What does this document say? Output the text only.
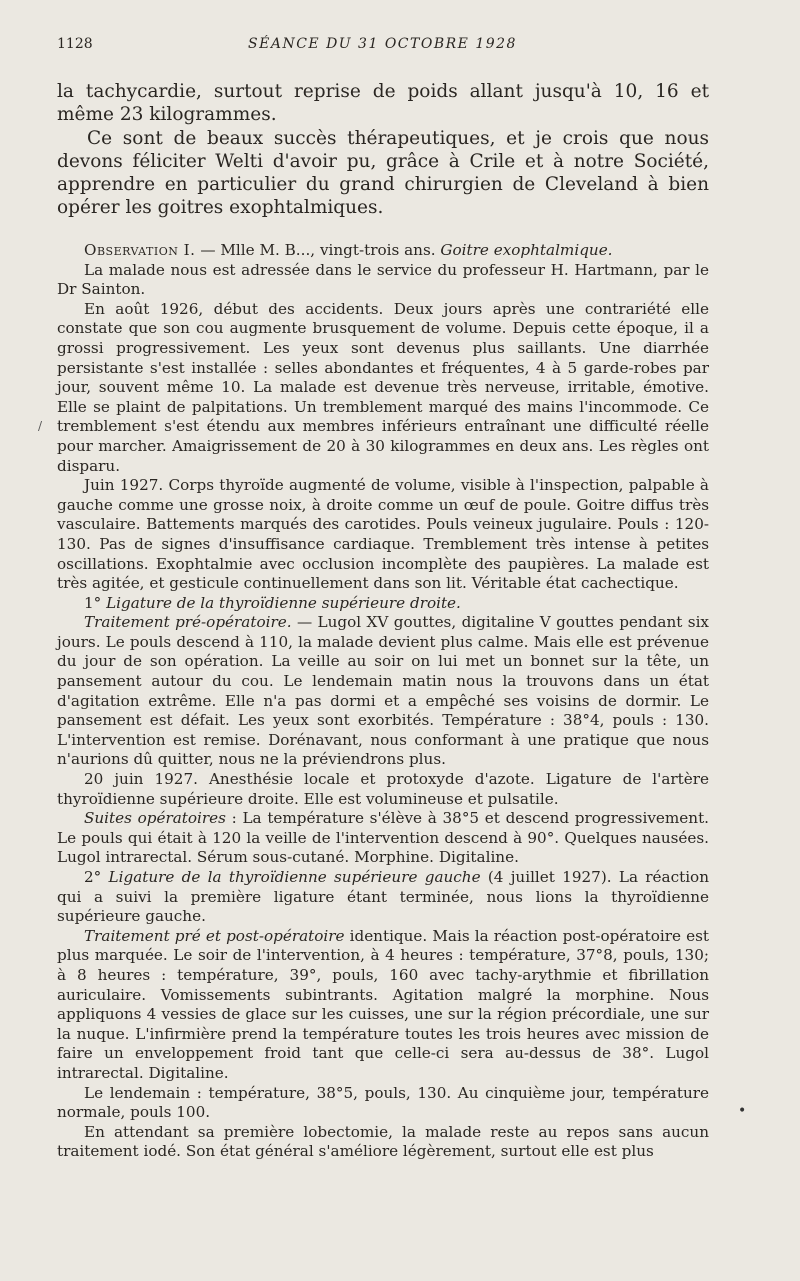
1128	SÉANCE DU 31 OCTOBRE 1928

la tachycardie, surtout reprise de poids allant jusqu'à 10, 16 et même 23 kilogrammes.

Ce sont de beaux succès thérapeutiques, et je crois que nous devons féliciter Welti d'avoir pu, grâce à Crile et à notre Société, apprendre en particulier du grand chirurgien de Cleveland à bien opérer les goitres exophtalmiques.

Observation I. — Mlle M. B..., vingt-trois ans. Goitre exophtalmique.

La malade nous est adressée dans le service du professeur H. Hartmann, par le Dr Sainton.

En août 1926, début des accidents. Deux jours après une contrariété elle constate que son cou augmente brusquement de volume. Depuis cette époque, il a grossi progressivement. Les yeux sont devenus plus saillants. Une diarrhée persistante s'est installée : selles abondantes et fréquentes, 4 à 5 garde-robes par jour, souvent même 10. La malade est devenue très nerveuse, irritable, émotive. Elle se plaint de palpitations. Un tremblement marqué des mains l'incommode. Ce tremblement s'est étendu aux membres inférieurs entraînant une difficulté réelle pour marcher. Amaigrissement de 20 à 30 kilogrammes en deux ans. Les règles ont disparu.

Juin 1927. Corps thyroïde augmenté de volume, visible à l'inspection, palpable à gauche comme une grosse noix, à droite comme un œuf de poule. Goitre diffus très vasculaire. Battements marqués des carotides. Pouls veineux jugulaire. Pouls : 120-130. Pas de signes d'insuffisance cardiaque. Tremblement très intense à petites oscillations. Exophtalmie avec occlusion incomplète des paupières. La malade est très agitée, et gesticule continuellement dans son lit. Véritable état cachectique.

1° Ligature de la thyroïdienne supérieure droite.

Traitement pré-opératoire. — Lugol XV gouttes, digitaline V gouttes pendant six jours. Le pouls descend à 110, la malade devient plus calme. Mais elle est prévenue du jour de son opération. La veille au soir on lui met un bonnet sur la tête, un pansement autour du cou. Le lendemain matin nous la trouvons dans un état d'agitation extrême. Elle n'a pas dormi et a empêché ses voisins de dormir. Le pansement est défait. Les yeux sont exorbités. Température : 38°4, pouls : 130. L'intervention est remise. Dorénavant, nous conformant à une pratique que nous n'aurions dû quitter, nous ne la préviendrons plus.

20 juin 1927. Anesthésie locale et protoxyde d'azote. Ligature de l'artère thyroïdienne supérieure droite. Elle est volumineuse et pulsatile.

Suites opératoires : La température s'élève à 38°5 et descend progressivement. Le pouls qui était à 120 la veille de l'intervention descend à 90°. Quelques nausées. Lugol intrarectal. Sérum sous-cutané. Morphine. Digitaline.

2° Ligature de la thyroïdienne supérieure gauche (4 juillet 1927). La réaction qui a suivi la première ligature étant terminée, nous lions la thyroïdienne supérieure gauche.

Traitement pré et post-opératoire identique. Mais la réaction post-opératoire est plus marquée. Le soir de l'intervention, à 4 heures : température, 37°8, pouls, 130; à 8 heures : température, 39°, pouls, 160 avec tachy-arythmie et fibrillation auriculaire. Vomissements subintrants. Agitation malgré la morphine. Nous appliquons 4 vessies de glace sur les cuisses, une sur la région précordiale, une sur la nuque. L'infirmière prend la température toutes les trois heures avec mission de faire un enveloppement froid tant que celle-ci sera au-dessus de 38°. Lugol intrarectal. Digitaline.

Le lendemain : température, 38°5, pouls, 130. Au cinquième jour, température normale, pouls 100.

En attendant sa première lobectomie, la malade reste au repos sans aucun traitement iodé. Son état général s'améliore légèrement, surtout elle est plus

/
•
